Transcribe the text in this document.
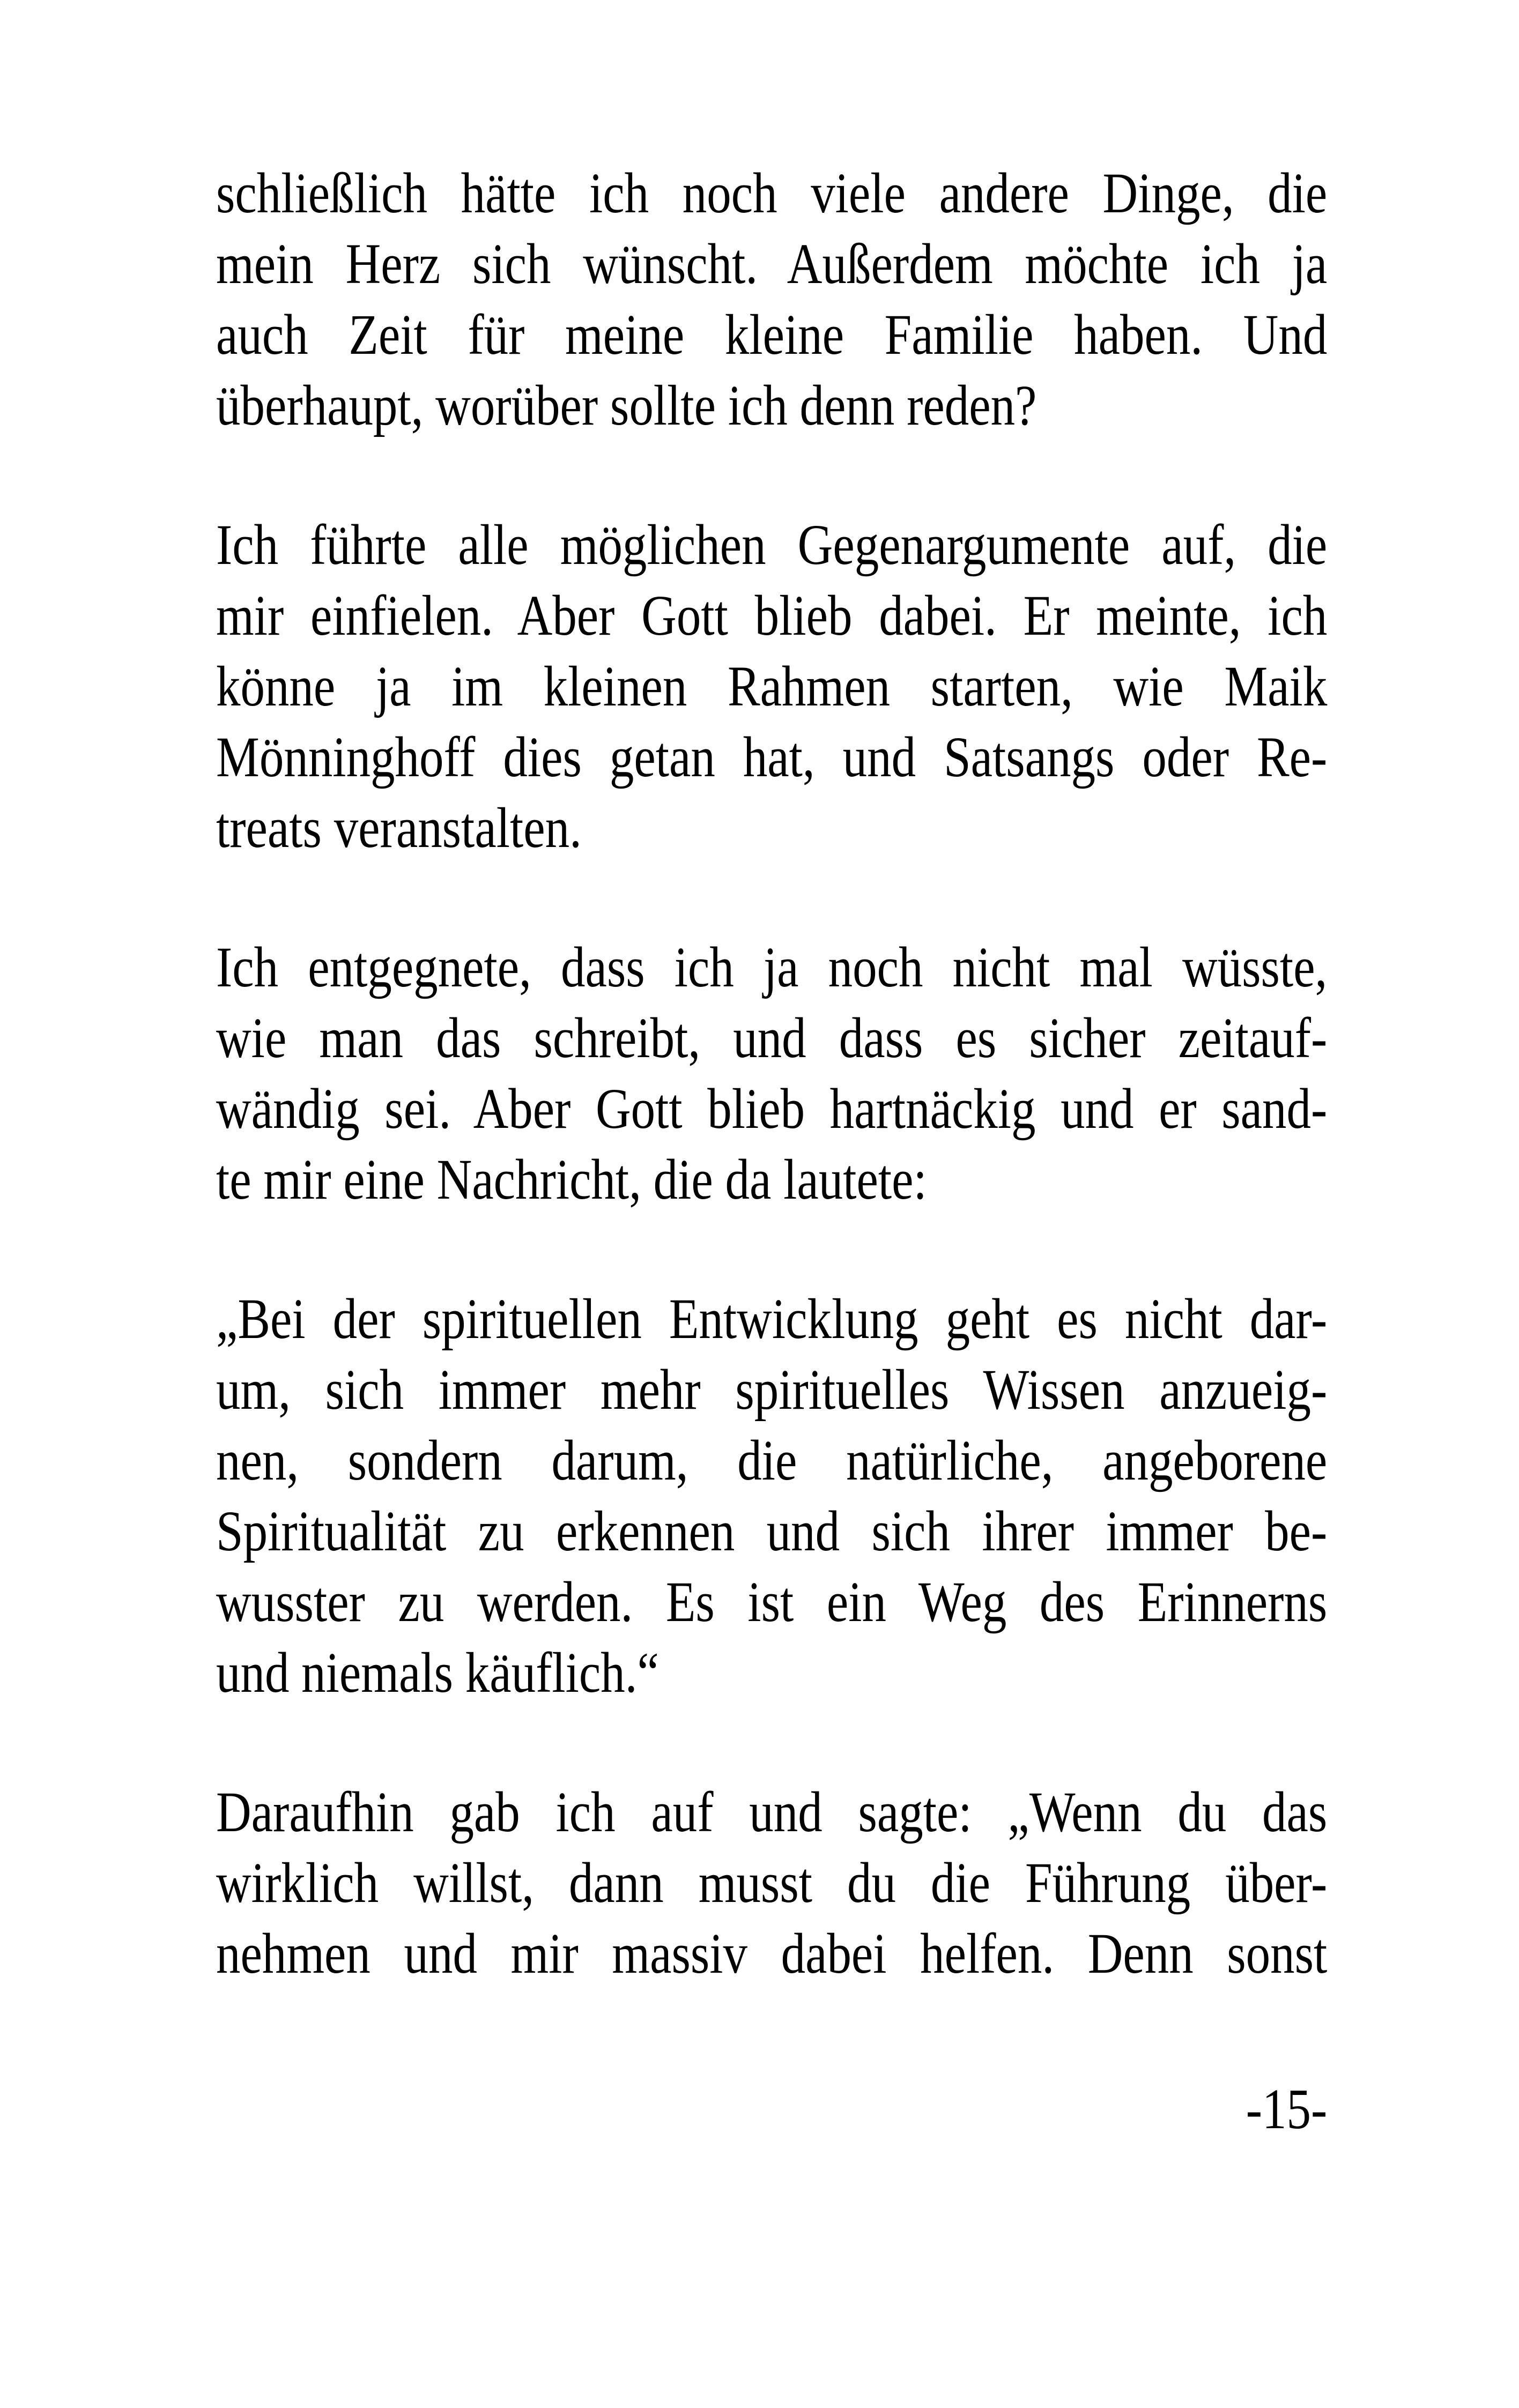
schließlich hätte ich noch viele andere Dinge, die
mein Herz sich wünscht. Außerdem möchte ich ja
auch Zeit für meine kleine Familie haben. Und
überhaupt, worüber sollte ich denn reden?
Ich führte alle möglichen Gegenargumente auf, die
mir einfielen. Aber Gott blieb dabei. Er meinte, ich
könne ja im kleinen Rahmen starten, wie Maik
Mönninghoff dies getan hat, und Satsangs oder Re-
treats veranstalten.
Ich entgegnete, dass ich ja noch nicht mal wüsste,
wie man das schreibt, und dass es sicher zeitauf-
wändig sei. Aber Gott blieb hartnäckig und er sand-
te mir eine Nachricht, die da lautete:
„Bei der spirituellen Entwicklung geht es nicht dar-
um, sich immer mehr spirituelles Wissen anzueig-
nen, sondern darum, die natürliche, angeborene
Spiritualität zu erkennen und sich ihrer immer be-
wusster zu werden. Es ist ein Weg des Erinnerns
und niemals käuflich.“
Daraufhin gab ich auf und sagte: „Wenn du das
wirklich willst, dann musst du die Führung über-
nehmen und mir massiv dabei helfen. Denn sonst
-15-
